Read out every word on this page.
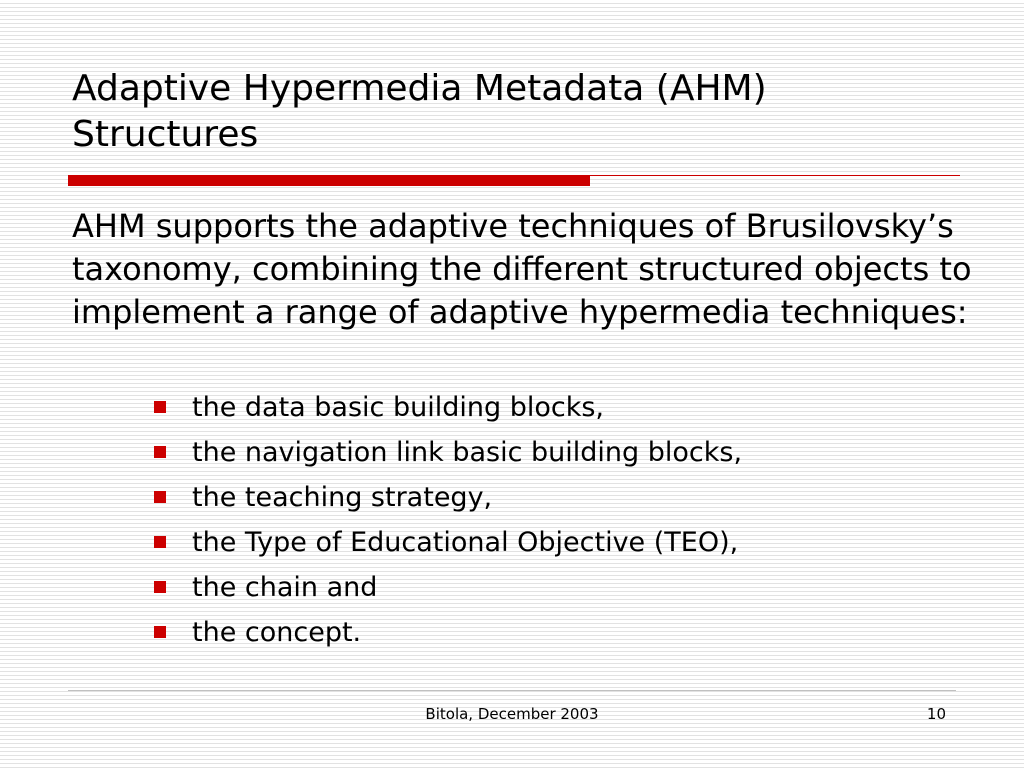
Adaptive Hypermedia Metadata (AHM)
Structures

AHM supports the adaptive techniques of Brusilovsky’s taxonomy, combining the different structured objects to implement a range of adaptive hypermedia techniques:

the data basic building blocks,
the navigation link basic building blocks,
the teaching strategy,
the Type of Educational Objective (TEO),
the chain and
the concept.
Bitola, December 2003	10
